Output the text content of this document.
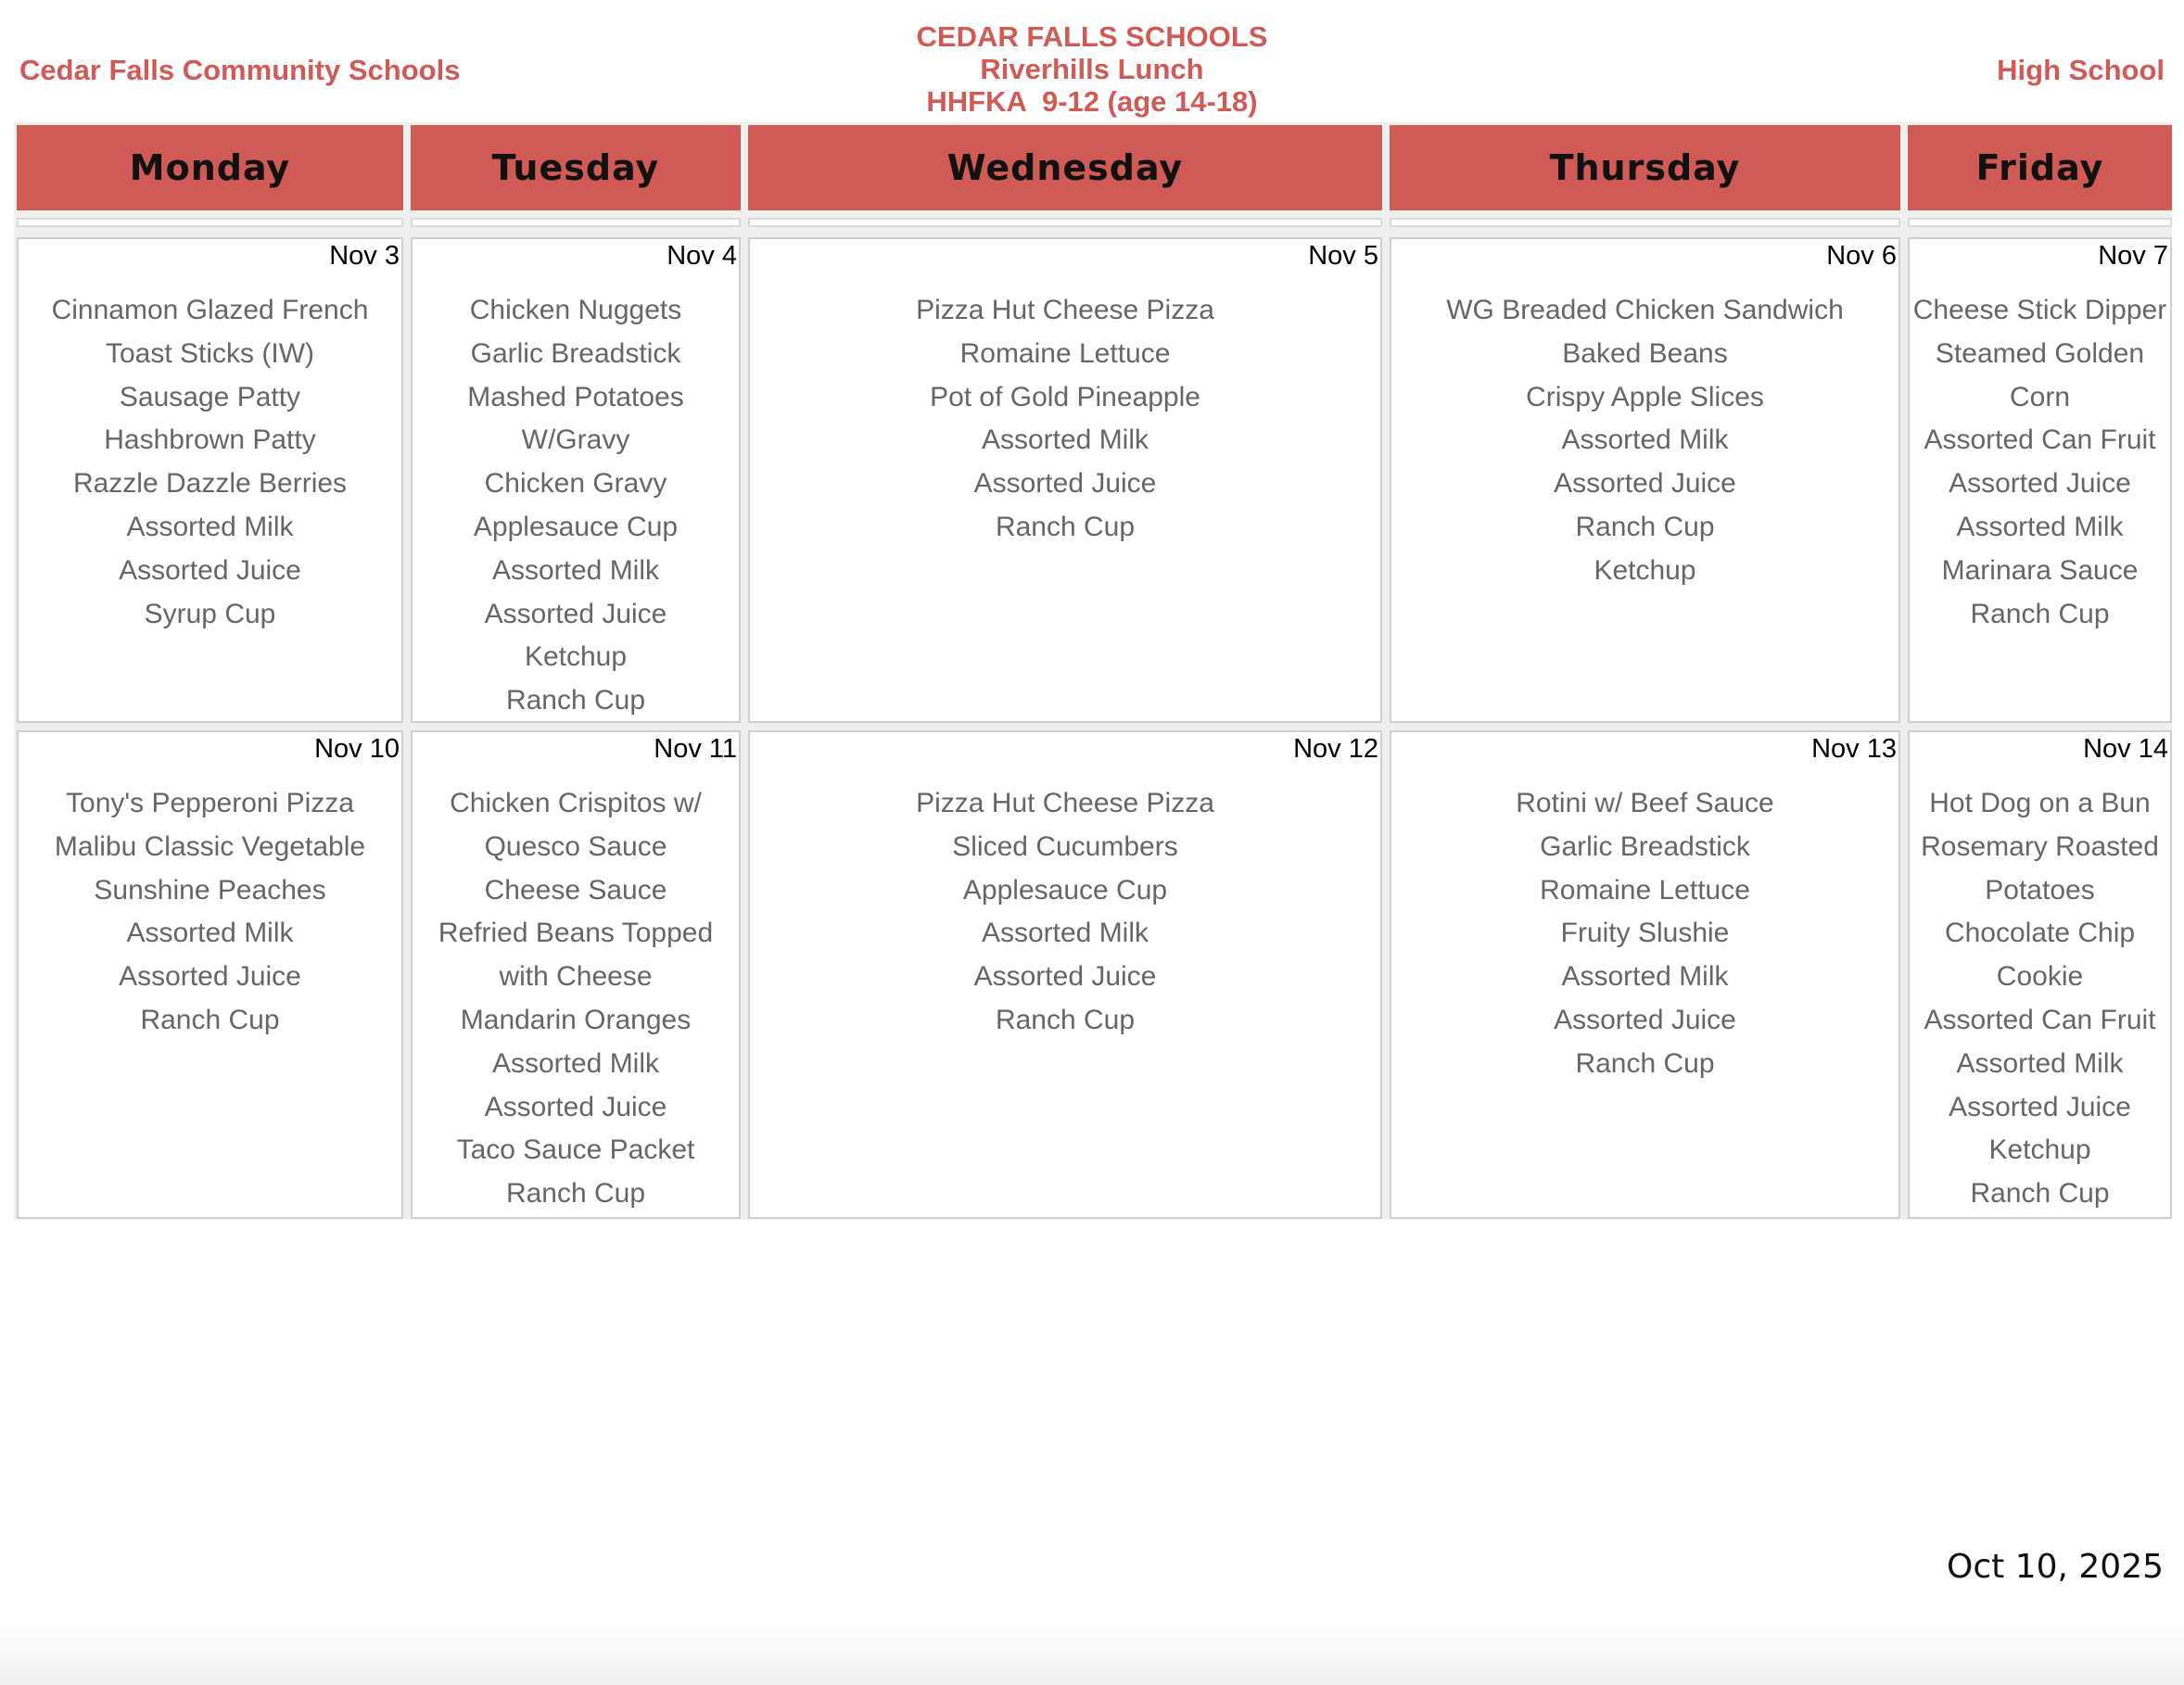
Cedar Falls Community Schools
CEDAR FALLS SCHOOLS
Riverhills Lunch
HHFKA  9-12 (age 14-18)
High School
Monday
Nov 3
Cinnamon Glazed French
Toast Sticks (IW)
Sausage Patty
Hashbrown Patty
Razzle Dazzle Berries
Assorted Milk
Assorted Juice
Syrup Cup
Nov 10
Tony's Pepperoni Pizza
Malibu Classic Vegetable
Sunshine Peaches
Assorted Milk
Assorted Juice
Ranch Cup
Tuesday
Nov 4
Chicken Nuggets
Garlic Breadstick
Mashed Potatoes
W/Gravy
Chicken Gravy
Applesauce Cup
Assorted Milk
Assorted Juice
Ketchup
Ranch Cup
Nov 11
Chicken Crispitos w/
Quesco Sauce
Cheese Sauce
Refried Beans Topped
with Cheese
Mandarin Oranges
Assorted Milk
Assorted Juice
Taco Sauce Packet
Ranch Cup
Wednesday
Nov 5
Pizza Hut Cheese Pizza
Romaine Lettuce
Pot of Gold Pineapple
Assorted Milk
Assorted Juice
Ranch Cup
Nov 12
Pizza Hut Cheese Pizza
Sliced Cucumbers
Applesauce Cup
Assorted Milk
Assorted Juice
Ranch Cup
Thursday
Nov 6
WG Breaded Chicken Sandwich
Baked Beans
Crispy Apple Slices
Assorted Milk
Assorted Juice
Ranch Cup
Ketchup
Nov 13
Rotini w/ Beef Sauce
Garlic Breadstick
Romaine Lettuce
Fruity Slushie
Assorted Milk
Assorted Juice
Ranch Cup
Friday
Nov 7
Cheese Stick Dipper
Steamed Golden
Corn
Assorted Can Fruit
Assorted Juice
Assorted Milk
Marinara Sauce
Ranch Cup
Nov 14
Hot Dog on a Bun
Rosemary Roasted
Potatoes
Chocolate Chip
Cookie
Assorted Can Fruit
Assorted Milk
Assorted Juice
Ketchup
Ranch Cup
Oct 10, 2025
